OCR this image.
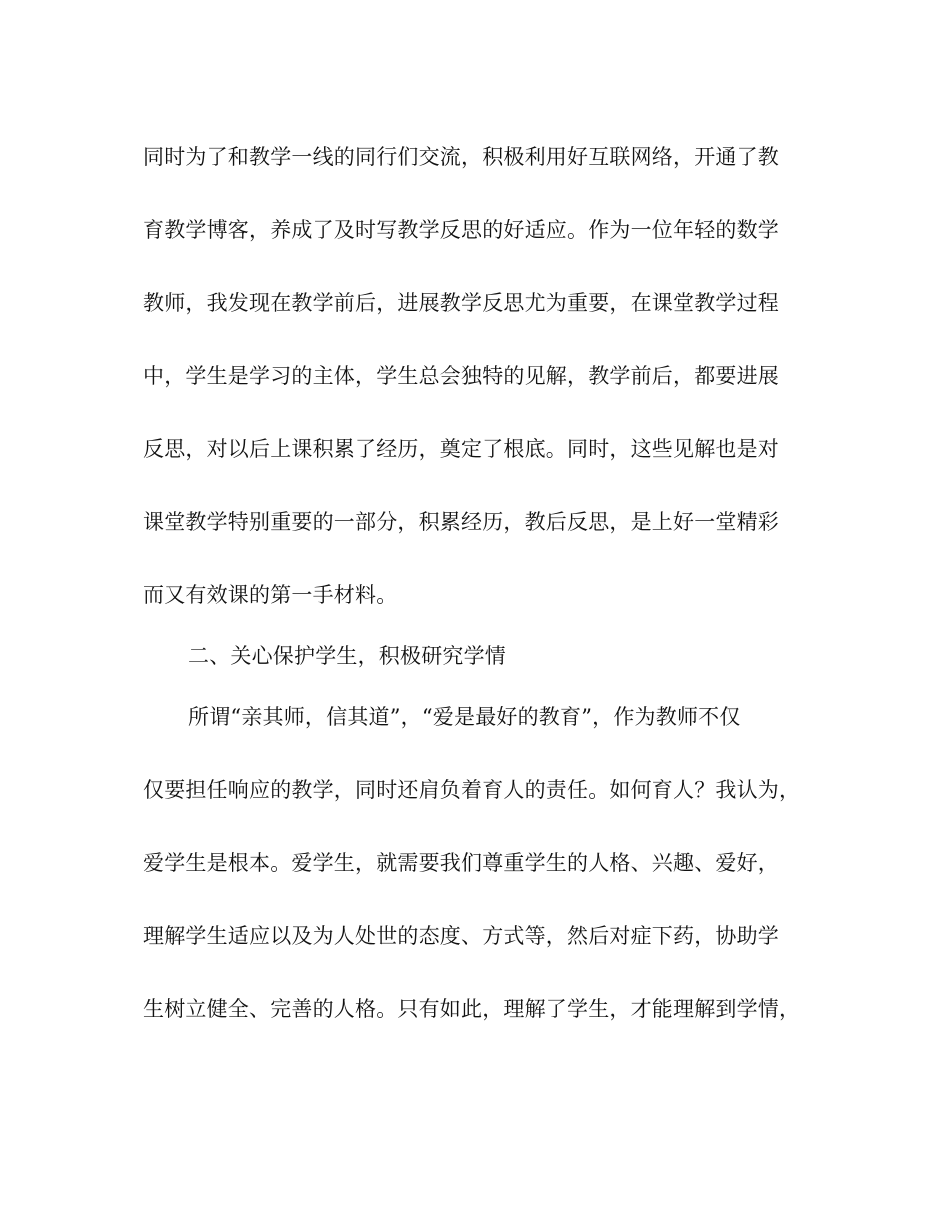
同时为了和教学一线的同行们交流，积极利用好互联网络，开通了教
育教学博客，养成了及时写教学反思的好适应。作为一位年轻的数学
教师，我发现在教学前后，进展教学反思尤为重要，在课堂教学过程
中，学生是学习的主体，学生总会独特的见解，教学前后，都要进展
反思，对以后上课积累了经历，奠定了根底。同时，这些见解也是对
课堂教学特别重要的一部分，积累经历，教后反思，是上好一堂精彩
而又有效课的第一手材料。
二、关心保护学生，积极研究学情
所谓“亲其师，信其道”，“爱是最好的教育”，作为教师不仅
仅要担任响应的教学，同时还肩负着育人的责任。如何育人？我认为，
爱学生是根本。爱学生，就需要我们尊重学生的人格、兴趣、爱好，
理解学生适应以及为人处世的态度、方式等，然后对症下药，协助学
生树立健全、完善的人格。只有如此，理解了学生，才能理解到学情，
